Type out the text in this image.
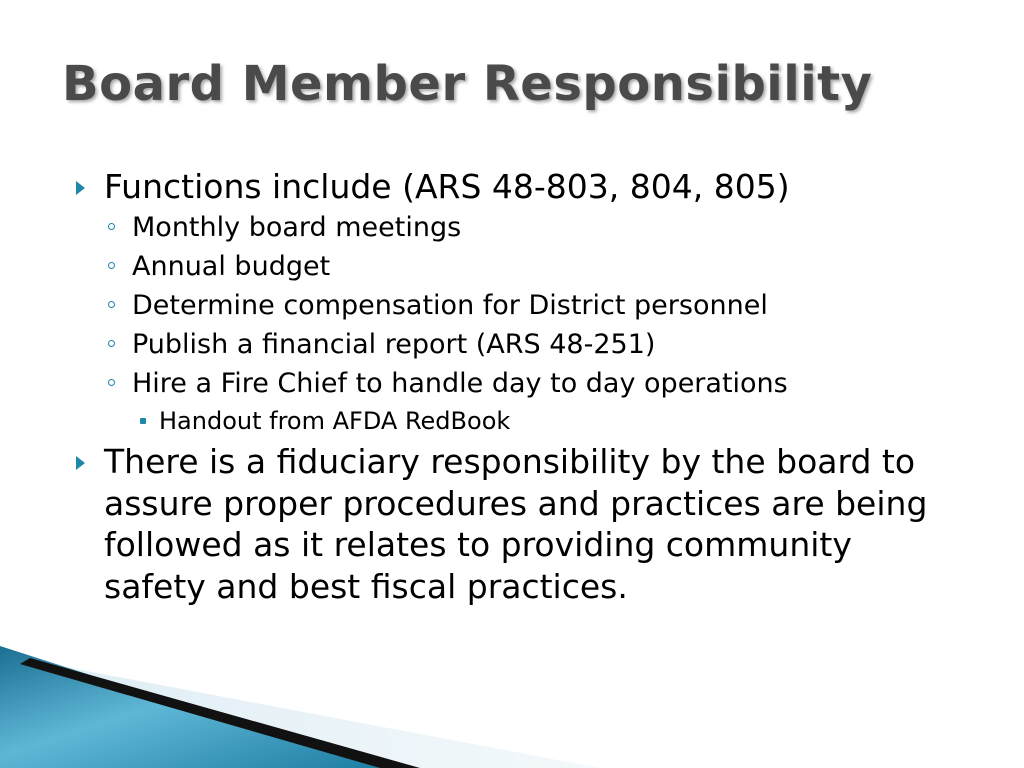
Board Member Responsibility
Functions include (ARS 48-803, 804, 805)
Monthly board meetings
Annual budget
Determine compensation for District personnel
Publish a financial report (ARS 48-251)
Hire a Fire Chief to handle day to day operations
Handout from AFDA RedBook
There is a fiduciary responsibility by the board to assure proper procedures and practices are being followed as it relates to providing community safety and best fiscal practices.
